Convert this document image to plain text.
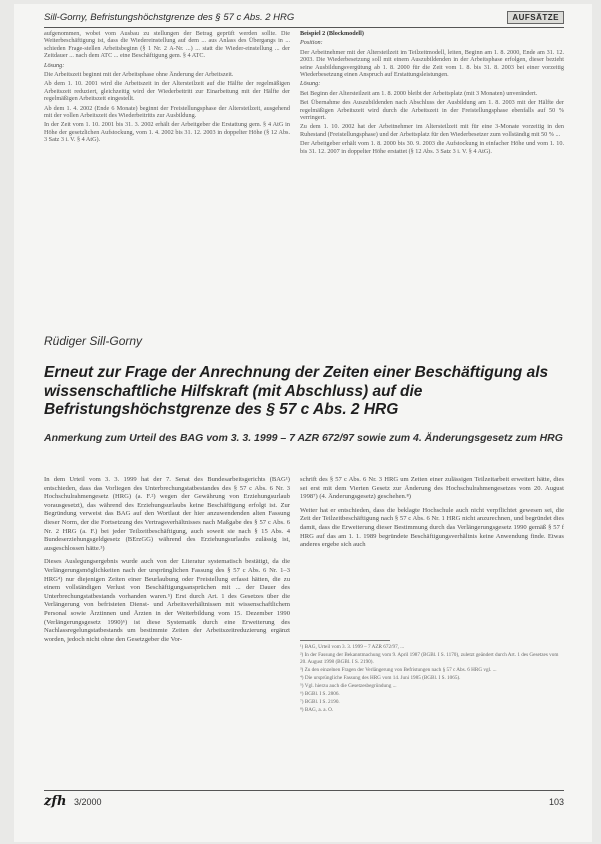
Sill-Gorny, Befristungshöchstgrenze des § 57 c Abs. 2 HRG	AUFSÄTZE

aufgenommen, wobei vom Ausbau zu stellungen der Betrag geprüft werden sollte. Die Weiterbeschäftigung ist, dass die Wiedereinstellung auf dem ... aus Anlass des Übergangs in ... schieden Frage-stellen Arbeitsbeginn (§ 1 Nr. 2 A-Nr. ...) ... statt die Wieder-einstellung ... der Zeitdauer ... nach dem ATC ... eine Beschäftigung gem. § 4 ATC.

Lösung:

Die Arbeitszeit beginnt mit der Arbeitsphase ohne Änderung der Arbeitszeit.

Ab dem 1. 10. 2001 wird die Arbeitszeit in der Altersteilzeit auf die Hälfte der regelmäßigen Arbeitszeit reduziert, gleichzeitig wird der Wiederbeitritt zur Einarbeitung mit der Hälfte der regelmäßigen Arbeitszeit eingestellt.

Ab dem 1. 4. 2002 (Ende 6 Monate) beginnt der Freistellungsphase der Altersteilzeit, ausgehend mit der vollen Arbeitszeit des Wiederbeitritts zur Ausbildung.

In der Zeit vom 1. 10. 2001 bis 31. 3. 2002 erhält der Arbeitgeber die Erstattung gem. § 4 AtG in Höhe der gesetzlichen Aufstockung, vom 1. 4. 2002 bis 31. 12. 2003 in doppelter Höhe (§ 12 Abs. 3 Satz 3 i. V. § 4 AtG).

Beispiel 2 (Blockmodell)

Position:

Der Arbeitnehmer mit der Altersteilzeit im Teilzeitmodell, leiten, Beginn am 1. 8. 2000, Ende am 31. 12. 2003. Die Wiederbesetzung soll mit einem Auszubildenden in der Arbeitsphase erfolgen, dieser bezieht seine Ausbildungsvergütung ab 1. 8. 2000 für die Zeit vom 1. 8. bis 31. 8. 2003 bei einer vorzeitig Wiederbesetzung einen Anspruch auf Erstattungsleistungen.

Lösung:

Bei Beginn der Altersteilzeit am 1. 8. 2000 bleibt der Arbeitsplatz (mit 3 Monaten) unverändert.

Bei Übernahme des Auszubildenden nach Abschluss der Ausbildung am 1. 8. 2003 mit der Hälfte der regelmäßigen Arbeitszeit wird durch die Arbeitszeit in der Freistellungsphase ebenfalls auf 50 % verringert.

Zu dem 1. 10. 2002 hat der Arbeitnehmer im Altersteilzeit mit für eine 3-Monate vorzeitig in den Ruhestand (Freistellungsphase) und der Arbeitsplatz für den Wiederbesetzer zum vollständig mit 50 % ...

Der Arbeitgeber erhält vom 1. 8. 2000 bis 30. 9. 2003 die Aufstockung in einfacher Höhe und vom 1. 10. bis 31. 12. 2007 in doppelter Höhe erstattet (§ 12 Abs. 3 Satz 3 i. V. § 4 AtG).

Rüdiger Sill-Gorny
Erneut zur Frage der Anrechnung der Zeiten einer Beschäftigung als wissenschaftliche Hilfskraft (mit Abschluss) auf die Befristungshöchstgrenze des § 57 c Abs. 2 HRG
Anmerkung zum Urteil des BAG vom 3. 3. 1999 – 7 AZR 672/97 sowie zum 4. Änderungsgesetz zum HRG

In dem Urteil vom 3. 3. 1999 hat der 7. Senat des Bundesarbeitsgerichts (BAG¹) entschieden, dass das Vorliegen des Unterbrechungstatbestandes des § 57 c Abs. 6 Nr. 3 Hochschulrahmengesetz (HRG) (a. F.²) wegen der Gewährung von Erziehungsurlaub vorausgesetzt), das während des Erziehungsurlaubs keine Beschäftigung erfolgt ist. Zur Begründung verweist das BAG auf den Wortlaut der hier anzuwendenden alten Fassung dieser Norm, der die Fortsetzung des Vertragsverhältnisses nach Maßgabe des § 57 c Abs. 6 Nr. 2 HRG (a. F.) bei jeder Teilzeitbeschäftigung, auch soweit sie nach § 15 Abs. 4 Bundeserziehungsgeldgesetz (BErzGG) während des Erziehungsurlaubs zulässig ist, ausgeschlossen hätte.³)

Dieses Auslegungsergebnis wurde auch von der Literatur systematisch bestätigt, da die Verlängerungsmöglichkeiten nach der ursprünglichen Fassung des § 57 c Abs. 6 Nr. 1–3 HRG⁴) nur diejenigen Zeiten einer Beurlaubung oder Freistellung erfasst hätten, die zu einem vollständigen Verlust von Beschäftigungsansprüchen mit ... der Dauer des Unterbrechungstatbestands vorhanden waren.⁵) Erst durch Art. 1 des Gesetzes über die Verlängerung von befristeten Dienst- und Arbeitsverhältnissen mit wissenschaftlichem Personal sowie Ärztinnen und Ärzten in der Weiterbildung vom 15. Dezember 1990 (Verlängerungsgesetz 1990)⁶) ist diese Systematik durch eine Erweiterung des Nachlassregelungstatbestands um bestimmte Zeiten der Arbeitszeitreduzierung ergänzt worden, jedoch nicht ohne den Gesetzgeber die Vor-

schrift des § 57 c Abs. 6 Nr. 3 HRG um Zeiten einer zulässigen Teilzeitarbeit erweitert hätte, dies sei erst mit dem Vierten Gesetz zur Änderung des Hochschulrahmengesetzes vom 20. August 1998⁷) (4. Änderungsgesetz) geschehen.⁸)

Weiter hat er entschieden, dass die beklagte Hochschule auch nicht verpflichtet gewesen sei, die Zeit der Teilzeitbeschäftigung nach § 57 c Abs. 6 Nr. 1 HRG nicht anzurechnen, und begründet dies damit, dass die Erweiterung dieser Bestimmung durch das Verlängerungsgesetz 1990 gemäß § 57 f HRG auf das am 1. 1. 1989 begründete Beschäftigungsverhältnis keine Anwendung finde. Etwas anderes ergebe sich auch

¹) BAG, Urteil vom 3. 3. 1999 – 7 AZR 672/97, ...

²) In der Fassung der Bekanntmachung vom 9. April 1987 (BGBl. I S. 1170), zuletzt geändert durch Art. 1 des Gesetzes vom 20. August 1998 (BGBl. I S. 2190).

³) Zu den einzelnen Fragen der Verlängerung von Befristungen nach § 57 c Abs. 6 HRG vgl. ...

⁴) Die ursprüngliche Fassung des HRG vom 14. Juni 1985 (BGBl. I S. 1065).

⁵) Vgl. hierzu auch die Gesetzesbegründung ...

⁶) BGBl. I S. 2806.

⁷) BGBl. I S. 2190.

⁸) BAG, a. a. O.

zfh 3/2000	103
